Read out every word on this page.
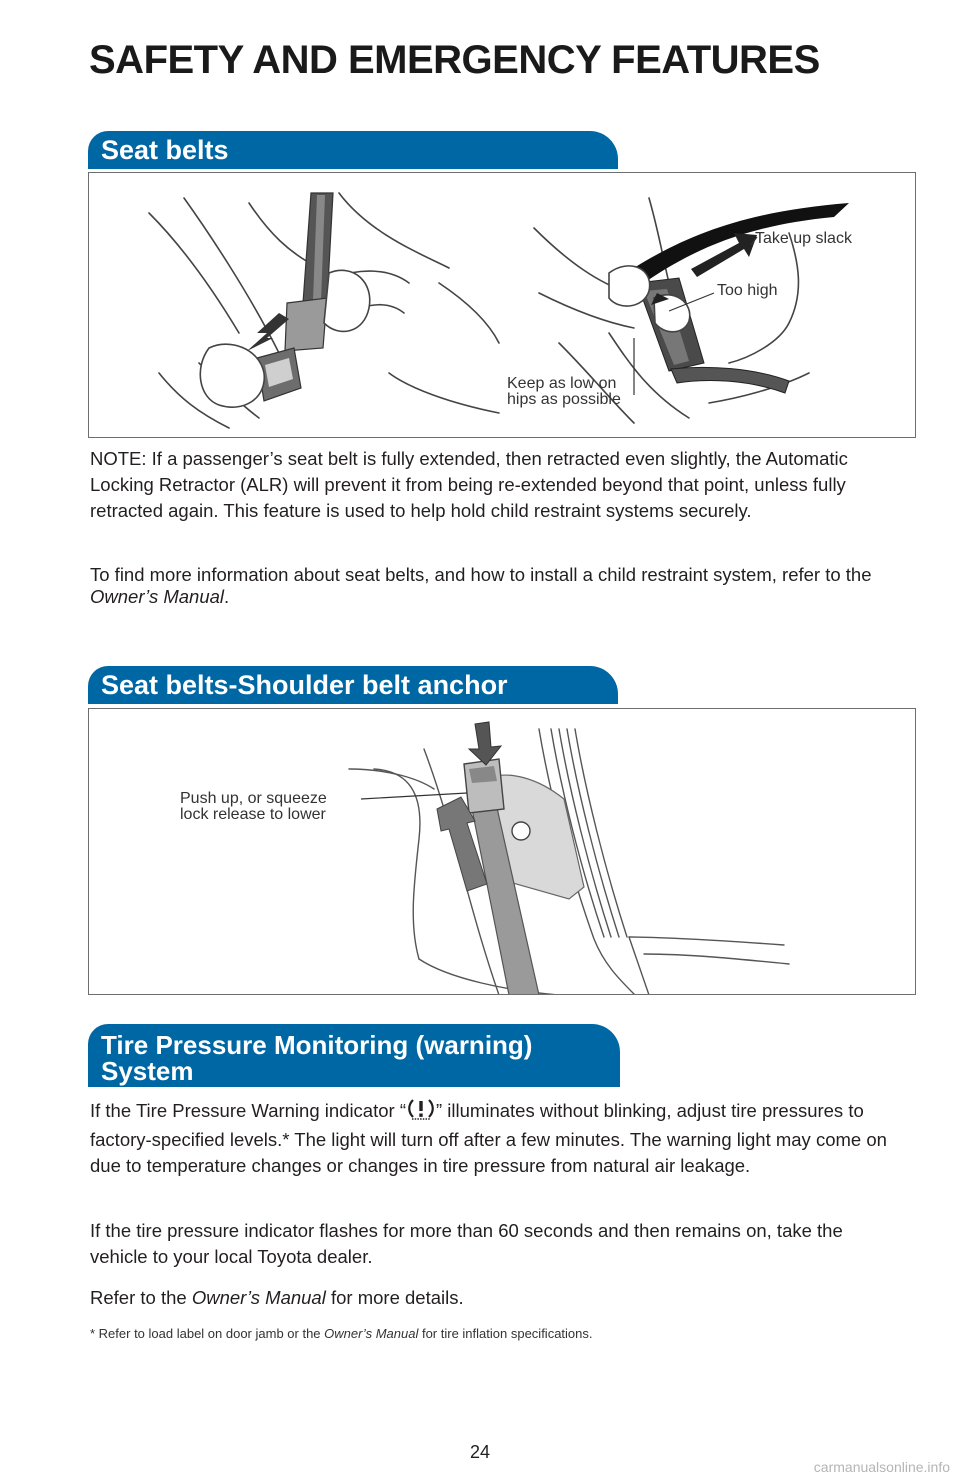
SAFETY AND EMERGENCY FEATURES
Seat belts
Take up slack
Too high
Keep as low on
hips as possible

NOTE: If a passenger’s seat belt is fully extended, then retracted even slightly, the Automatic Locking Retractor (ALR) will prevent it from being re-extended beyond that point, unless fully retracted again. This feature is used to help hold child restraint systems securely.

To find more information about seat belts, and how to install a child restraint system, refer to the Owner’s Manual.

Seat belts-Shoulder belt anchor
Push up, or squeeze
lock release to lower
Tire Pressure Monitoring (warning)
System

If the Tire Pressure Warning indicator “ ” illuminates without blinking, adjust tire pressures to factory-specified levels.* The light will turn off after a few minutes. The warning light may come on due to temperature changes or changes in tire pressure from natural air leakage.

If the tire pressure indicator flashes for more than 60 seconds and then remains on, take the vehicle to your local Toyota dealer.

Refer to the Owner’s Manual for more details.

* Refer to load label on door jamb or the Owner’s Manual for tire inflation specifications.

24
carmanualsonline.info
